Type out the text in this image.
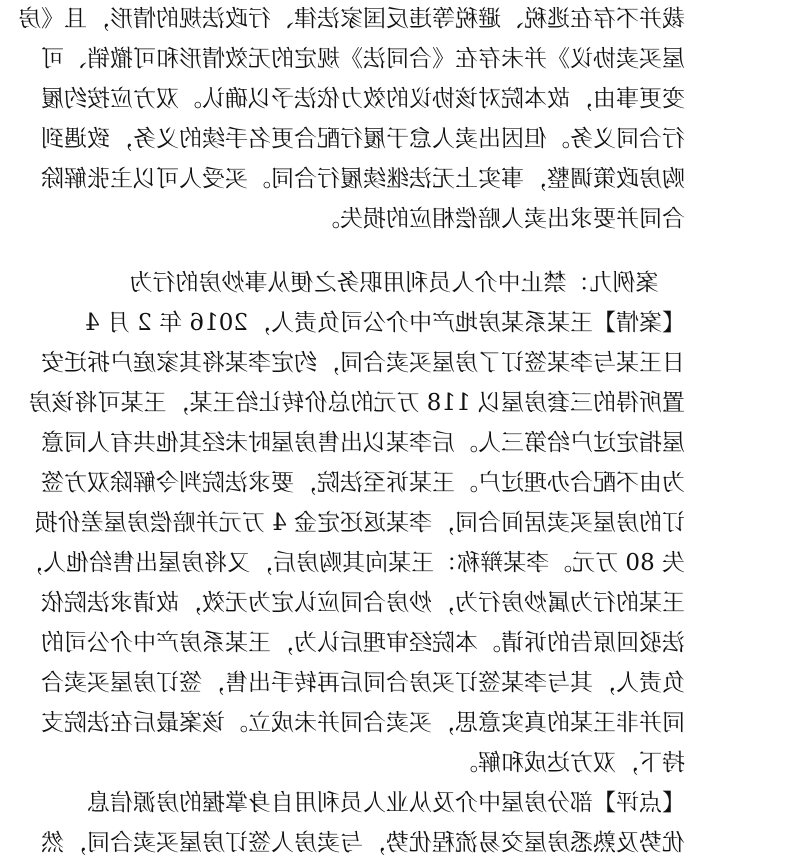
裁并不存在逃税、避税等违反国家法律、行政法规的情形，且《房
屋买卖协议》并未存在《合同法》规定的无效情形和可撤销、可
变更事由，故本院对该协议的效力依法予以确认。双方应按约履
行合同义务。但因出卖人怠于履行配合更名手续的义务，致遇到
购房政策调整，事实上无法继续履行合同。买受人可以主张解除
合同并要求出卖人赔偿相应的损失。
案例九：禁止中介人员利用职务之便从事炒房的行为
【案情】王某系某房地产中介公司负责人，2016 年 2 月 4
日王某与李某签订了房屋买卖合同，约定李某将其家庭户拆迁安
置所得的三套房屋以 118 万元的总价转让给王某，王某可将该房
屋指定过户给第三人。后李某以出售房屋时未经其他共有人同意
为由不配合办理过户。王某诉至法院，要求法院判令解除双方签
订的房屋买卖居间合同，李某返还定金 4 万元并赔偿房屋差价损
失 80 万元。李某辩称：王某向其购房后，又将房屋出售给他人，
王某的行为属炒房行为，炒房合同应认定为无效，故请求法院依
法驳回原告的诉请。本院经审理后认为，王某系房产中介公司的
负责人，其与李某签订买房合同后再转手出售，签订房屋买卖合
同并非王某的真实意思，买卖合同并未成立。该案最后在法院支
持下，双方达成和解。
【点评】部分房屋中介及从业人员利用自身掌握的房源信息
优势及熟悉房屋交易流程优势，与卖房人签订房屋买卖合同，然
